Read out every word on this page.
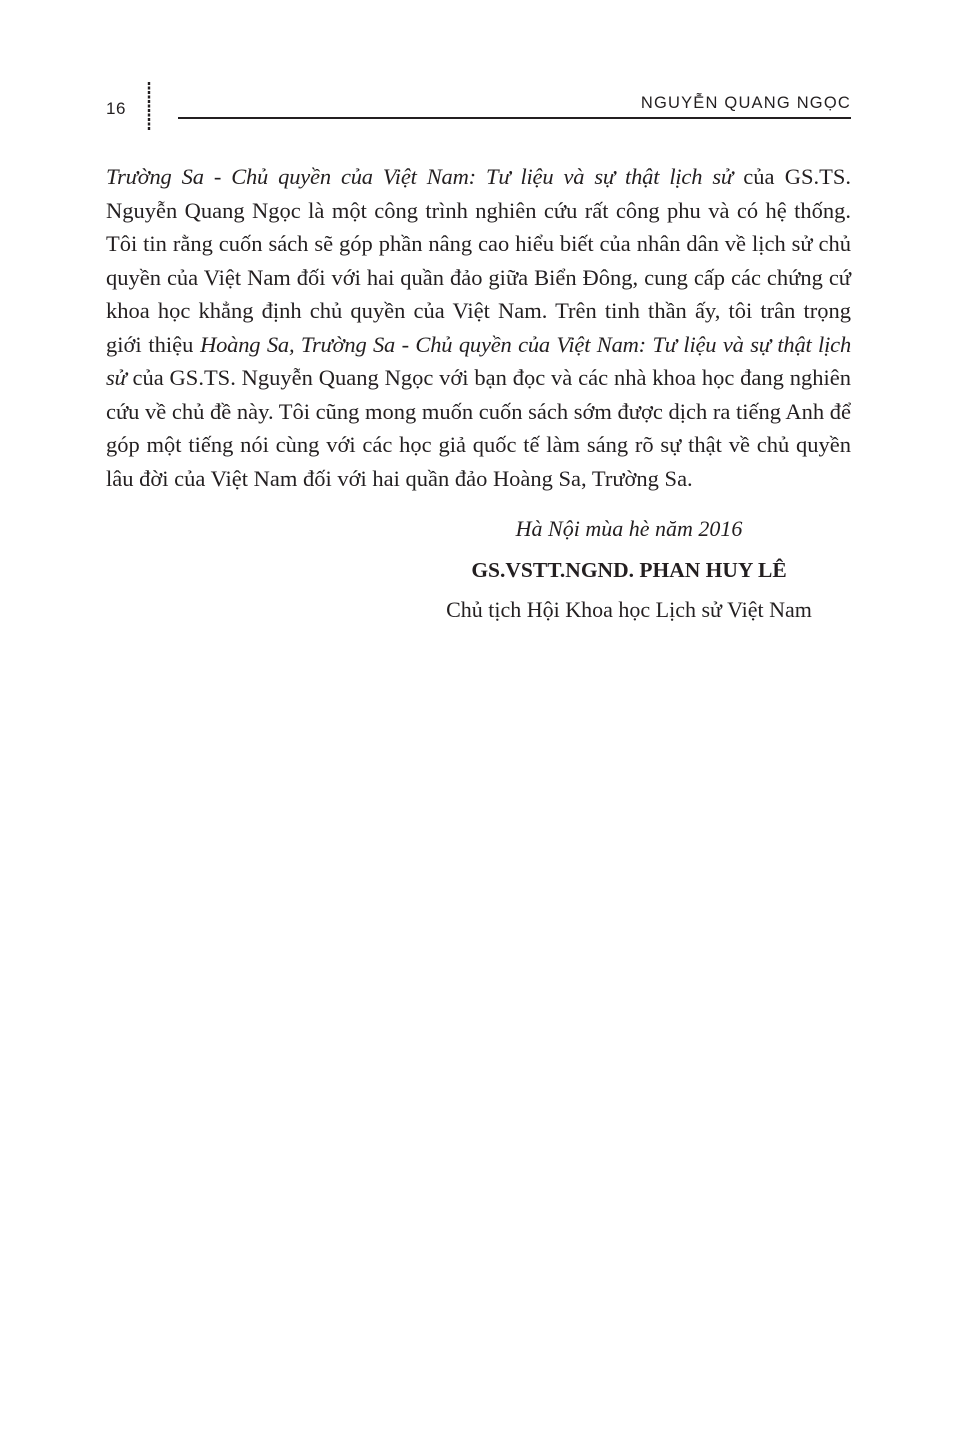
16	NGUYỄN QUANG NGỌC
Trường Sa - Chủ quyền của Việt Nam: Tư liệu và sự thật lịch sử của GS.TS. Nguyễn Quang Ngọc là một công trình nghiên cứu rất công phu và có hệ thống. Tôi tin rằng cuốn sách sẽ góp phần nâng cao hiểu biết của nhân dân về lịch sử chủ quyền của Việt Nam đối với hai quần đảo giữa Biển Đông, cung cấp các chứng cứ khoa học khẳng định chủ quyền của Việt Nam. Trên tinh thần ấy, tôi trân trọng giới thiệu Hoàng Sa, Trường Sa - Chủ quyền của Việt Nam: Tư liệu và sự thật lịch sử của GS.TS. Nguyễn Quang Ngọc với bạn đọc và các nhà khoa học đang nghiên cứu về chủ đề này. Tôi cũng mong muốn cuốn sách sớm được dịch ra tiếng Anh để góp một tiếng nói cùng với các học giả quốc tế làm sáng rõ sự thật về chủ quyền lâu đời của Việt Nam đối với hai quần đảo Hoàng Sa, Trường Sa.
Hà Nội mùa hè năm 2016
GS.VSTT.NGND. PHAN HUY LÊ
Chủ tịch Hội Khoa học Lịch sử Việt Nam
